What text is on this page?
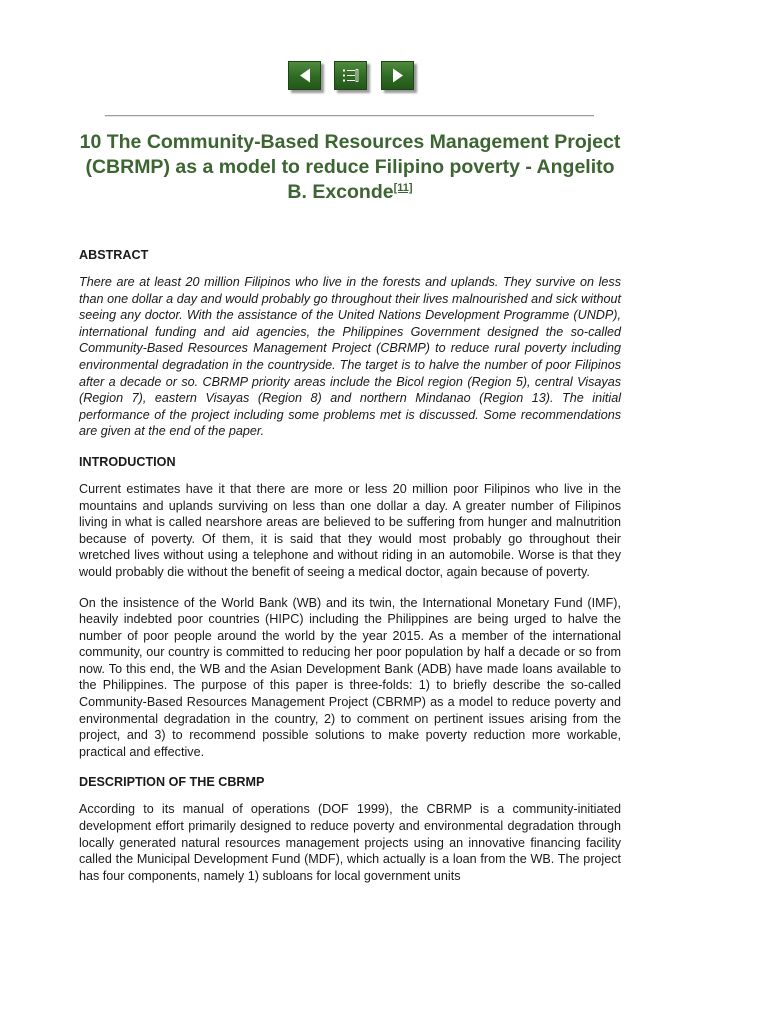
10 The Community-Based Resources Management Project (CBRMP) as a model to reduce Filipino poverty - Angelito B. Exconde[11]
ABSTRACT

There are at least 20 million Filipinos who live in the forests and uplands. They survive on less than one dollar a day and would probably go throughout their lives malnourished and sick without seeing any doctor. With the assistance of the United Nations Development Programme (UNDP), international funding and aid agencies, the Philippines Government designed the so-called Community-Based Resources Management Project (CBRMP) to reduce rural poverty including environmental degradation in the countryside. The target is to halve the number of poor Filipinos after a decade or so. CBRMP priority areas include the Bicol region (Region 5), central Visayas (Region 7), eastern Visayas (Region 8) and northern Mindanao (Region 13). The initial performance of the project including some problems met is discussed. Some recommendations are given at the end of the paper.

INTRODUCTION

Current estimates have it that there are more or less 20 million poor Filipinos who live in the mountains and uplands surviving on less than one dollar a day. A greater number of Filipinos living in what is called nearshore areas are believed to be suffering from hunger and malnutrition because of poverty. Of them, it is said that they would most probably go throughout their wretched lives without using a telephone and without riding in an automobile. Worse is that they would probably die without the benefit of seeing a medical doctor, again because of poverty.

On the insistence of the World Bank (WB) and its twin, the International Monetary Fund (IMF), heavily indebted poor countries (HIPC) including the Philippines are being urged to halve the number of poor people around the world by the year 2015. As a member of the international community, our country is committed to reducing her poor population by half a decade or so from now. To this end, the WB and the Asian Development Bank (ADB) have made loans available to the Philippines. The purpose of this paper is three-folds: 1) to briefly describe the so-called Community-Based Resources Management Project (CBRMP) as a model to reduce poverty and environmental degradation in the country, 2) to comment on pertinent issues arising from the project, and 3) to recommend possible solutions to make poverty reduction more workable, practical and effective.

DESCRIPTION OF THE CBRMP

According to its manual of operations (DOF 1999), the CBRMP is a community-initiated development effort primarily designed to reduce poverty and environmental degradation through locally generated natural resources management projects using an innovative financing facility called the Municipal Development Fund (MDF), which actually is a loan from the WB. The project has four components, namely 1) subloans for local government units
